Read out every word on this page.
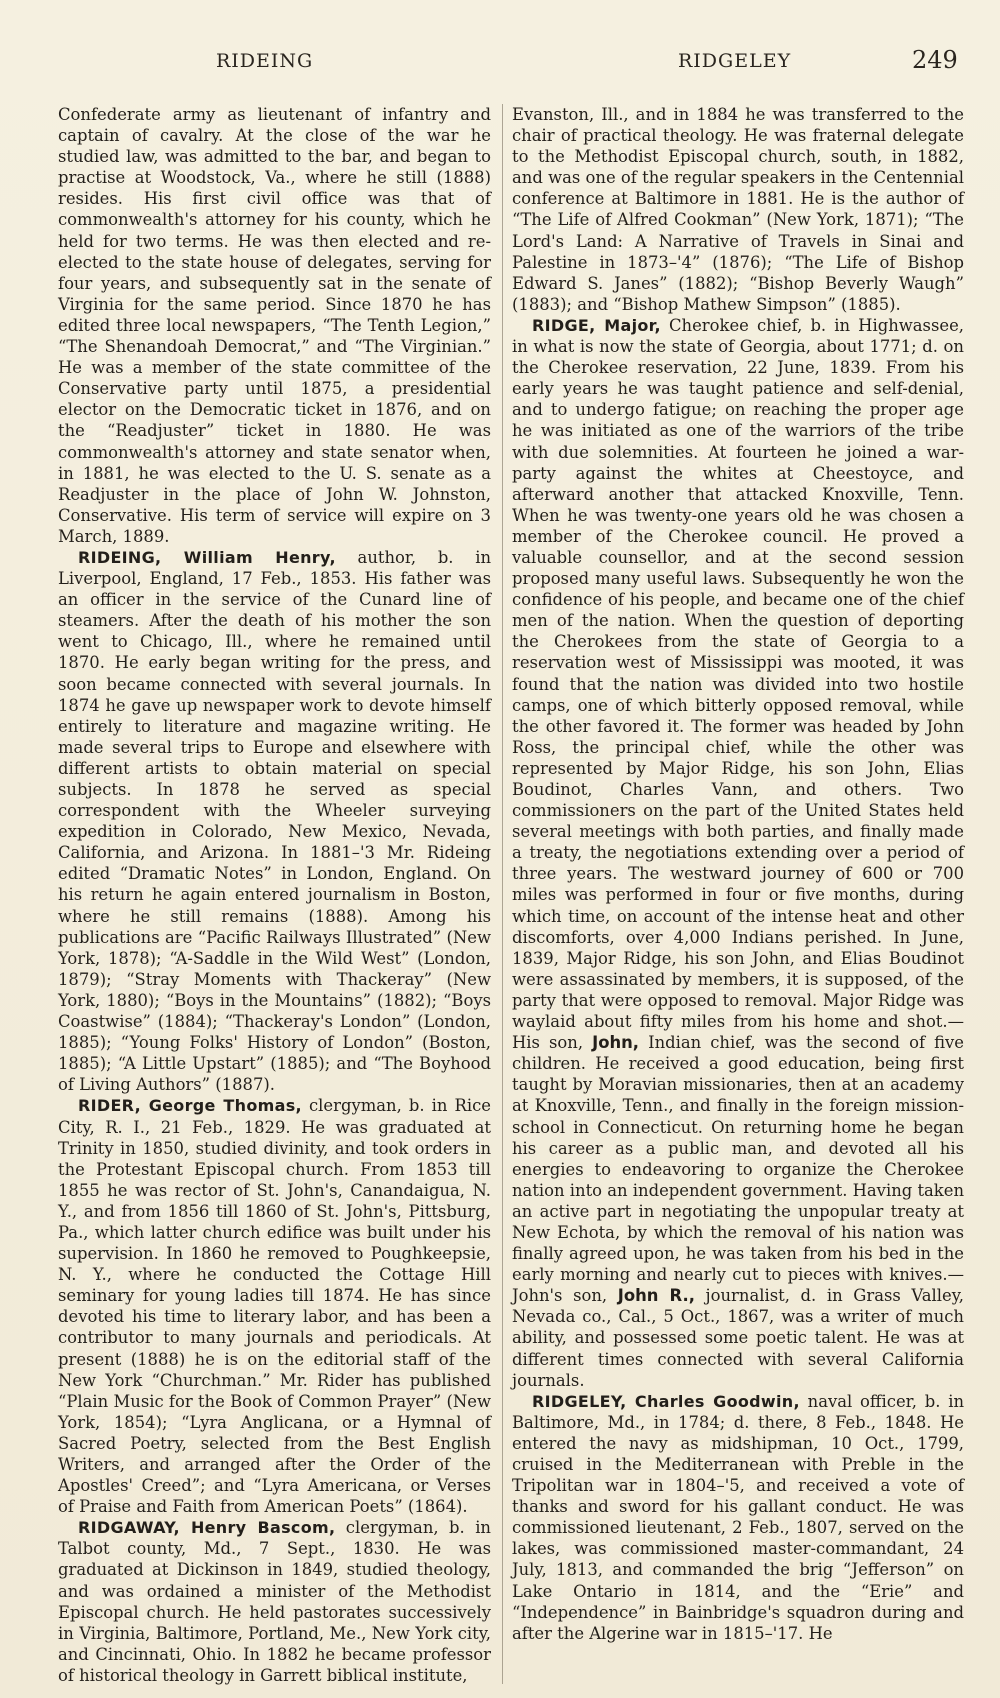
RIDEING	RIDGELEY	249

Confederate army as lieutenant of infantry and captain of cavalry. At the close of the war he studied law, was admitted to the bar, and began to practise at Woodstock, Va., where he still (1888) resides. His first civil office was that of commonwealth's attorney for his county, which he held for two terms. He was then elected and re-elected to the state house of delegates, serving for four years, and subsequently sat in the senate of Virginia for the same period. Since 1870 he has edited three local newspapers, “The Tenth Legion,” “The Shenandoah Democrat,” and “The Virginian.” He was a member of the state committee of the Conservative party until 1875, a presidential elector on the Democratic ticket in 1876, and on the “Readjuster” ticket in 1880. He was commonwealth's attorney and state senator when, in 1881, he was elected to the U. S. senate as a Readjuster in the place of John W. Johnston, Conservative. His term of service will expire on 3 March, 1889.

RIDEING, William Henry, author, b. in Liverpool, England, 17 Feb., 1853. His father was an officer in the service of the Cunard line of steamers. After the death of his mother the son went to Chicago, Ill., where he remained until 1870. He early began writing for the press, and soon became connected with several journals. In 1874 he gave up newspaper work to devote himself entirely to literature and magazine writing. He made several trips to Europe and elsewhere with different artists to obtain material on special subjects. In 1878 he served as special correspondent with the Wheeler surveying expedition in Colorado, New Mexico, Nevada, California, and Arizona. In 1881–'3 Mr. Rideing edited “Dramatic Notes” in London, England. On his return he again entered journalism in Boston, where he still remains (1888). Among his publications are “Pacific Railways Illustrated” (New York, 1878); “A-Saddle in the Wild West” (London, 1879); “Stray Moments with Thackeray” (New York, 1880); “Boys in the Mountains” (1882); “Boys Coastwise” (1884); “Thackeray's London” (London, 1885); “Young Folks' History of London” (Boston, 1885); “A Little Upstart” (1885); and “The Boyhood of Living Authors” (1887).

RIDER, George Thomas, clergyman, b. in Rice City, R. I., 21 Feb., 1829. He was graduated at Trinity in 1850, studied divinity, and took orders in the Protestant Episcopal church. From 1853 till 1855 he was rector of St. John's, Canandaigua, N. Y., and from 1856 till 1860 of St. John's, Pittsburg, Pa., which latter church edifice was built under his supervision. In 1860 he removed to Poughkeepsie, N. Y., where he conducted the Cottage Hill seminary for young ladies till 1874. He has since devoted his time to literary labor, and has been a contributor to many journals and periodicals. At present (1888) he is on the editorial staff of the New York “Churchman.” Mr. Rider has published “Plain Music for the Book of Common Prayer” (New York, 1854); “Lyra Anglicana, or a Hymnal of Sacred Poetry, selected from the Best English Writers, and arranged after the Order of the Apostles' Creed”; and “Lyra Americana, or Verses of Praise and Faith from American Poets” (1864).

RIDGAWAY, Henry Bascom, clergyman, b. in Talbot county, Md., 7 Sept., 1830. He was graduated at Dickinson in 1849, studied theology, and was ordained a minister of the Methodist Episcopal church. He held pastorates successively in Virginia, Baltimore, Portland, Me., New York city, and Cincinnati, Ohio. In 1882 he became professor of historical theology in Garrett biblical institute,

Evanston, Ill., and in 1884 he was transferred to the chair of practical theology. He was fraternal delegate to the Methodist Episcopal church, south, in 1882, and was one of the regular speakers in the Centennial conference at Baltimore in 1881. He is the author of “The Life of Alfred Cookman” (New York, 1871); “The Lord's Land: A Narrative of Travels in Sinai and Palestine in 1873–'4” (1876); “The Life of Bishop Edward S. Janes” (1882); “Bishop Beverly Waugh” (1883); and “Bishop Mathew Simpson” (1885).

RIDGE, Major, Cherokee chief, b. in Highwassee, in what is now the state of Georgia, about 1771; d. on the Cherokee reservation, 22 June, 1839. From his early years he was taught patience and self-denial, and to undergo fatigue; on reaching the proper age he was initiated as one of the warriors of the tribe with due solemnities. At fourteen he joined a war-party against the whites at Cheestoyce, and afterward another that attacked Knoxville, Tenn. When he was twenty-one years old he was chosen a member of the Cherokee council. He proved a valuable counsellor, and at the second session proposed many useful laws. Subsequently he won the confidence of his people, and became one of the chief men of the nation. When the question of deporting the Cherokees from the state of Georgia to a reservation west of Mississippi was mooted, it was found that the nation was divided into two hostile camps, one of which bitterly opposed removal, while the other favored it. The former was headed by John Ross, the principal chief, while the other was represented by Major Ridge, his son John, Elias Boudinot, Charles Vann, and others. Two commissioners on the part of the United States held several meetings with both parties, and finally made a treaty, the negotiations extending over a period of three years. The westward journey of 600 or 700 miles was performed in four or five months, during which time, on account of the intense heat and other discomforts, over 4,000 Indians perished. In June, 1839, Major Ridge, his son John, and Elias Boudinot were assassinated by members, it is supposed, of the party that were opposed to removal. Major Ridge was waylaid about fifty miles from his home and shot.—His son, John, Indian chief, was the second of five children. He received a good education, being first taught by Moravian missionaries, then at an academy at Knoxville, Tenn., and finally in the foreign mission-school in Connecticut. On returning home he began his career as a public man, and devoted all his energies to endeavoring to organize the Cherokee nation into an independent government. Having taken an active part in negotiating the unpopular treaty at New Echota, by which the removal of his nation was finally agreed upon, he was taken from his bed in the early morning and nearly cut to pieces with knives.—John's son, John R., journalist, d. in Grass Valley, Nevada co., Cal., 5 Oct., 1867, was a writer of much ability, and possessed some poetic talent. He was at different times connected with several California journals.

RIDGELEY, Charles Goodwin, naval officer, b. in Baltimore, Md., in 1784; d. there, 8 Feb., 1848. He entered the navy as midshipman, 10 Oct., 1799, cruised in the Mediterranean with Preble in the Tripolitan war in 1804–'5, and received a vote of thanks and sword for his gallant conduct. He was commissioned lieutenant, 2 Feb., 1807, served on the lakes, was commissioned master-commandant, 24 July, 1813, and commanded the brig “Jefferson” on Lake Ontario in 1814, and the “Erie” and “Independence” in Bainbridge's squadron during and after the Algerine war in 1815–'17. He
